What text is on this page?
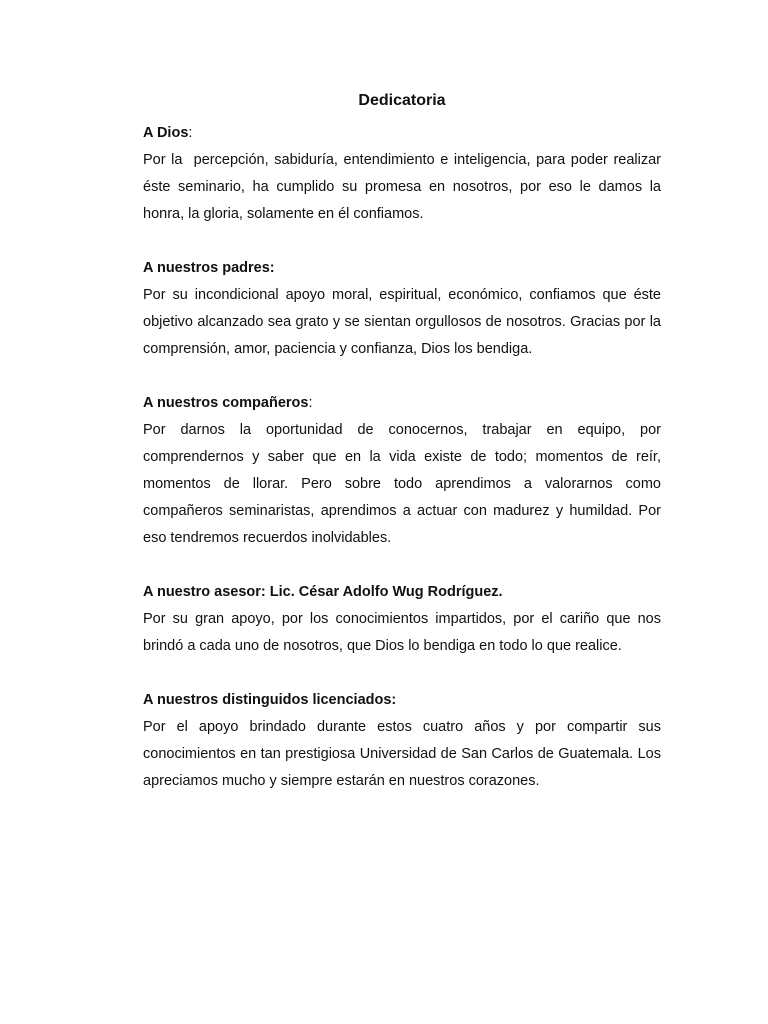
Dedicatoria

A Dios:

Por la  percepción, sabiduría, entendimiento e inteligencia, para poder realizar éste seminario, ha cumplido su promesa en nosotros, por eso le damos la honra, la gloria, solamente en él confiamos.

A nuestros padres:

Por su incondicional apoyo moral, espiritual, económico, confiamos que éste objetivo alcanzado sea grato y se sientan orgullosos de nosotros. Gracias por la  comprensión, amor, paciencia y confianza, Dios los bendiga.

A nuestros compañeros:

Por darnos la oportunidad de conocernos, trabajar en equipo, por comprendernos y saber que en la vida existe de todo; momentos de reír, momentos de llorar. Pero sobre todo aprendimos a valorarnos como compañeros seminaristas, aprendimos a actuar con madurez y humildad. Por eso tendremos recuerdos inolvidables.

A nuestro asesor: Lic. César Adolfo Wug Rodríguez.

Por su gran apoyo, por los conocimientos impartidos, por el cariño que nos brindó a cada uno de nosotros, que Dios lo bendiga en todo lo que realice.

A nuestros distinguidos licenciados:

Por el apoyo brindado durante estos cuatro años y por compartir sus conocimientos en tan prestigiosa Universidad de San Carlos de Guatemala. Los apreciamos mucho y siempre estarán en nuestros corazones.
